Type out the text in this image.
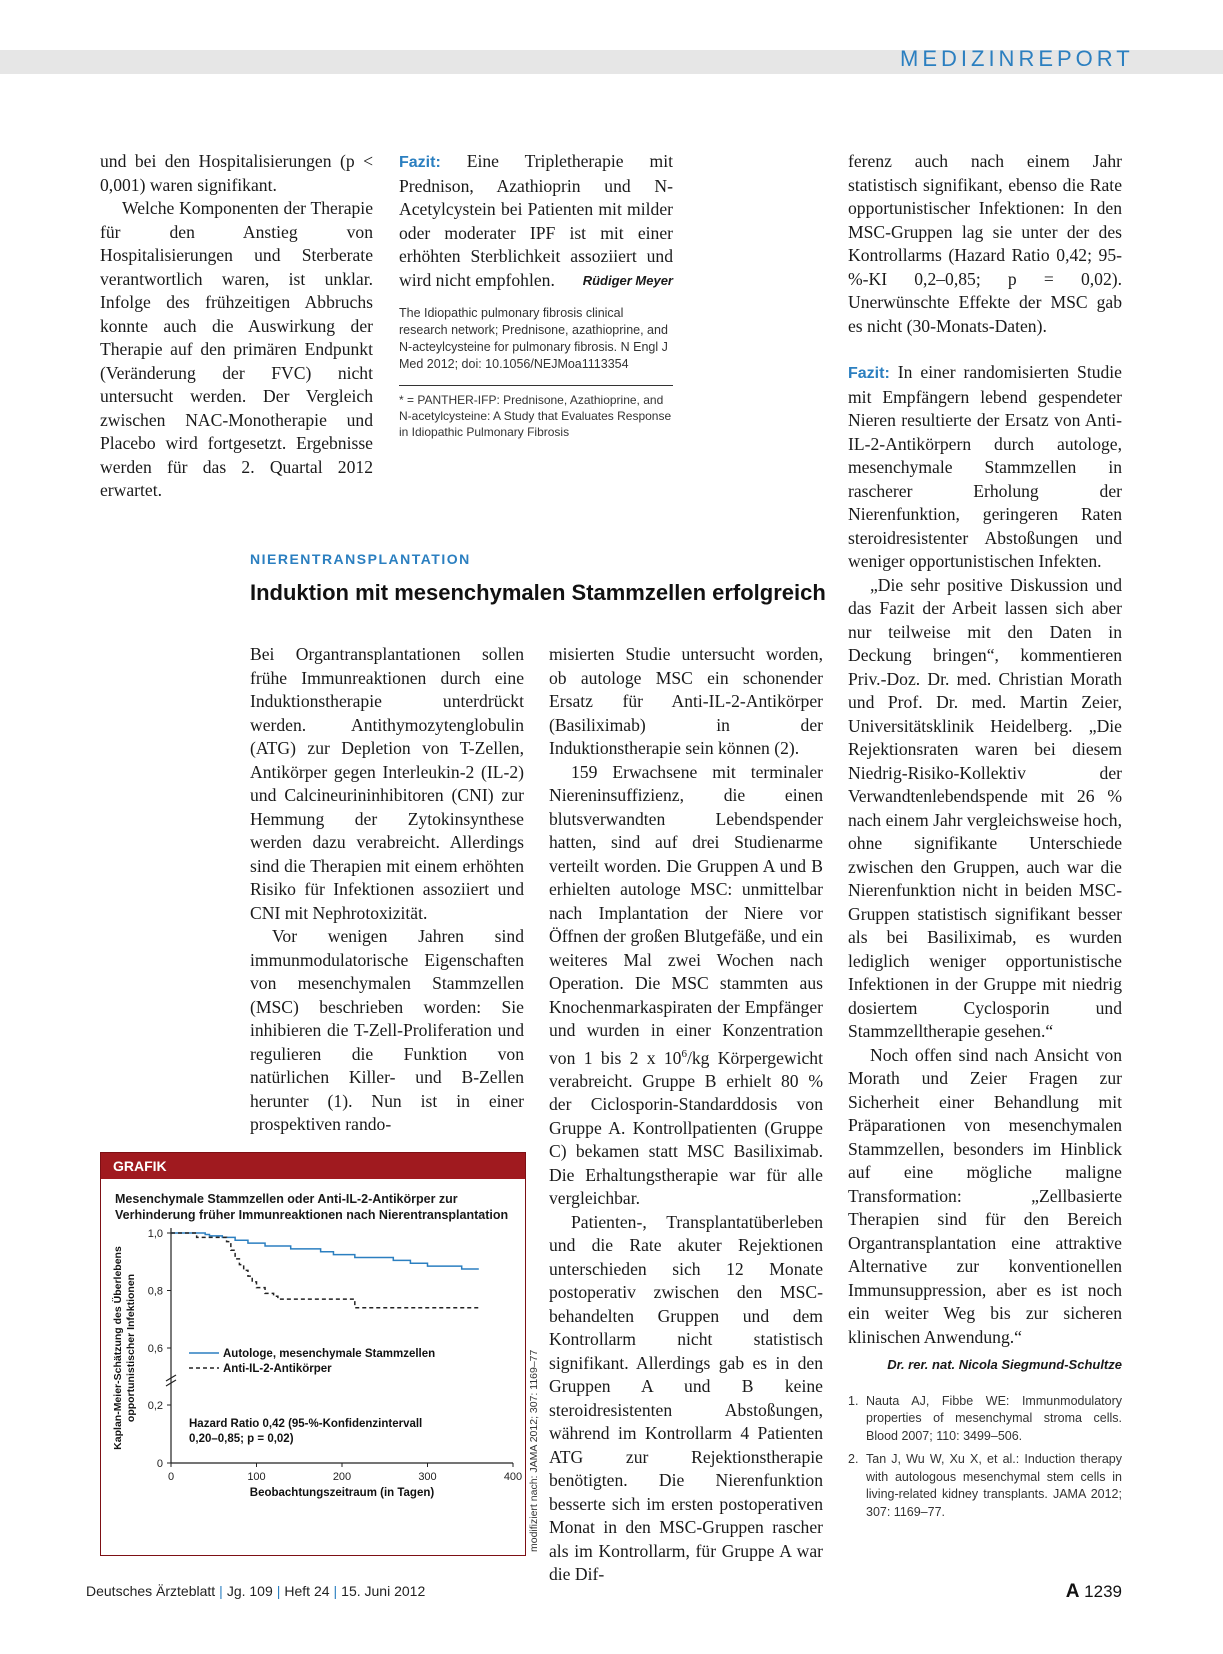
MEDIZINREPORT

und bei den Hospitalisierungen (p < 0,001) waren signifikant.

Welche Komponenten der Therapie für den Anstieg von Hospitalisierungen und Sterberate verantwortlich waren, ist unklar. Infolge des frühzeitigen Abbruchs konnte auch die Auswirkung der Therapie auf den primären Endpunkt (Veränderung der FVC) nicht untersucht werden. Der Vergleich zwischen NAC-Monotherapie und Placebo wird fortgesetzt. Ergebnisse werden für das 2. Quartal 2012 erwartet.

Fazit: Eine Tripletherapie mit Prednison, Azathioprin und N-Acetylcystein bei Patienten mit milder oder moderater IPF ist mit einer erhöhten Sterblichkeit assoziiert und wird nicht empfohlen.	Rüdiger Meyer
The Idiopathic pulmonary fibrosis clinical research network; Prednisone, azathioprine, and N-acteylcysteine for pulmonary fibrosis. N Engl J Med 2012; doi: 10.1056/NEJMoa1113354
* = PANTHER-IFP: Prednisone, Azathioprine, and N-acetylcysteine: A Study that Evaluates Response in Idiopathic Pulmonary Fibrosis
NIERENTRANSPLANTATION
Induktion mit mesenchymalen Stammzellen erfolgreich

Bei Organtransplantationen sollen frühe Immunreaktionen durch eine Induktionstherapie unterdrückt werden. Antithymozytenglobulin (ATG) zur Depletion von T-Zellen, Antikörper gegen Interleukin-2 (IL-2) und Calcineurininhibitoren (CNI) zur Hemmung der Zytokinsynthese werden dazu verabreicht. Allerdings sind die Therapien mit einem erhöhten Risiko für Infektionen assoziiert und CNI mit Nephrotoxizität.

Vor wenigen Jahren sind immunmodulatorische Eigenschaften von mesenchymalen Stammzellen (MSC) beschrieben worden: Sie inhibieren die T-Zell-Proliferation und regulieren die Funktion von natürlichen Killer- und B-Zellen herunter (1). Nun ist in einer prospektiven rando-

misierten Studie untersucht worden, ob autologe MSC ein schonender Ersatz für Anti-IL-2-Antikörper (Basiliximab) in der Induktionstherapie sein können (2).

159 Erwachsene mit terminaler Niereninsuffizienz, die einen blutsverwandten Lebendspender hatten, sind auf drei Studienarme verteilt worden. Die Gruppen A und B erhielten autologe MSC: unmittelbar nach Implantation der Niere vor Öffnen der großen Blutgefäße, und ein weiteres Mal zwei Wochen nach Operation. Die MSC stammten aus Knochenmarkaspiraten der Empfänger und wurden in einer Konzentration von 1 bis 2 x $10^6/kg$ Körpergewicht verabreicht. Gruppe B erhielt 80 % der Ciclosporin-Standarddosis von Gruppe A. Kontrollpatienten (Gruppe C) bekamen statt MSC Basiliximab. Die Erhaltungstherapie war für alle vergleichbar.

Patienten-, Transplantatüberleben und die Rate akuter Rejektionen unterschieden sich 12 Monate postoperativ zwischen den MSC-behandelten Gruppen und dem Kontrollarm nicht statistisch signifikant. Allerdings gab es in den Gruppen A und B keine steroidresistenten Abstoßungen, während im Kontrollarm 4 Patienten ATG zur Rejektionstherapie benötigten. Die Nierenfunktion besserte sich im ersten postoperativen Monat in den MSC-Gruppen rascher als im Kontrollarm, für Gruppe A war die Dif-

ferenz auch nach einem Jahr statistisch signifikant, ebenso die Rate opportunistischer Infektionen: In den MSC-Gruppen lag sie unter der des Kontrollarms (Hazard Ratio 0,42; 95-%-KI 0,2–0,85; p = 0,02). Unerwünschte Effekte der MSC gab es nicht (30-Monats-Daten).

Fazit: In einer randomisierten Studie mit Empfängern lebend gespendeter Nieren resultierte der Ersatz von Anti-IL-2-Antikörpern durch autologe, mesenchymale Stammzellen in rascherer Erholung der Nierenfunktion, geringeren Raten steroidresistenter Abstoßungen und weniger opportunistischen Infekten.

„Die sehr positive Diskussion und das Fazit der Arbeit lassen sich aber nur teilweise mit den Daten in Deckung bringen“, kommentieren Priv.-Doz. Dr. med. Christian Morath und Prof. Dr. med. Martin Zeier, Universitätsklinik Heidelberg. „Die Rejektionsraten waren bei diesem Niedrig-Risiko-Kollektiv der Verwandtenlebendspende mit 26 % nach einem Jahr vergleichsweise hoch, ohne signifikante Unterschiede zwischen den Gruppen, auch war die Nierenfunktion nicht in beiden MSC-Gruppen statistisch signifikant besser als bei Basiliximab, es wurden lediglich weniger opportunistische Infektionen in der Gruppe mit niedrig dosiertem Cyclosporin und Stammzelltherapie gesehen.“

Noch offen sind nach Ansicht von Morath und Zeier Fragen zur Sicherheit einer Behandlung mit Präparationen von mesenchymalen Stammzellen, besonders im Hinblick auf eine mögliche maligne Transformation: „Zellbasierte Therapien sind für den Bereich Organtransplantation eine attraktive Alternative zur konventionellen Immunsuppression, aber es ist noch ein weiter Weg bis zur sicheren klinischen Anwendung.“

Dr. rer. nat. Nicola Siegmund-Schultze
1. Nauta AJ, Fibbe WE: Immunmodulatory properties of mesenchymal stroma cells. Blood 2007; 110: 3499–506.
2. Tan J, Wu W, Xu X, et al.: Induction therapy with autologous mesenchymal stem cells in living-related kidney transplants. JAMA 2012; 307: 1169–77.
GRAFIK
Mesenchymale Stammzellen oder Anti-IL-2-Antikörper zur Verhinderung früher Immunreaktionen nach Nierentransplantation
0
0,2
0,6
0,8
1,0
0	100	200	300	400
Beobachtungszeitraum (in Tagen)
Kaplan-Meier-Schätzung des Überlebens opportunistischer Infektionen	Autologe, mesenchymale Stammzellen
Anti-IL-2-Antikörper
Hazard Ratio 0,42 (95-%-Konfidenzintervall
0,20–0,85; p = 0,02)	modifiziert nach: JAMA 2012; 307: 1169–77
Deutsches Ärzteblatt | Jg. 109 | Heft 24 | 15. Juni 2012	A 1239
